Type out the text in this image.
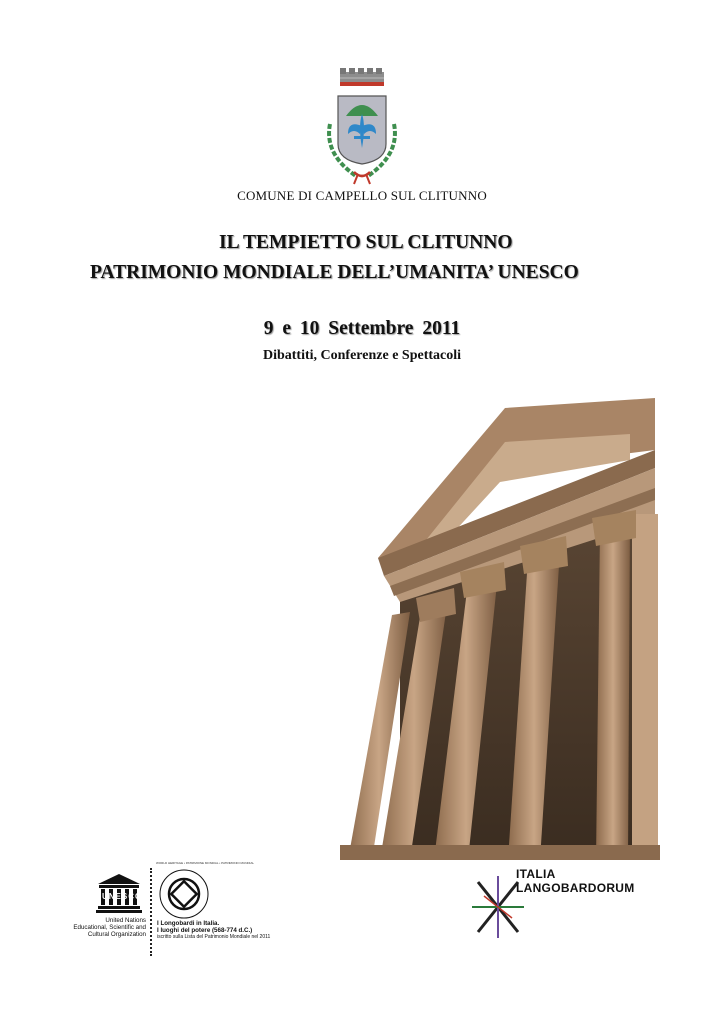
COMUNE DI CAMPELLO SUL CLITUNNO
IL TEMPIETTO SUL CLITUNNO
PATRIMONIO MONDIALE DELL’UMANITA’ UNESCO
9 e 10 Settembre 2011
Dibattiti, Conferenze e Spettacoli
UNESCO
United Nations
Educational, Scientific and
Cultural Organization
WORLD HERITAGE • PATRIMOINE MONDIAL • PATRIMONIO MUNDIAL
I Longobardi in Italia.
I luoghi del potere (568-774 d.C.)
iscritto sulla Lista del Patrimonio Mondiale nel 2011
ITALIA
LANGOBARDORUM
